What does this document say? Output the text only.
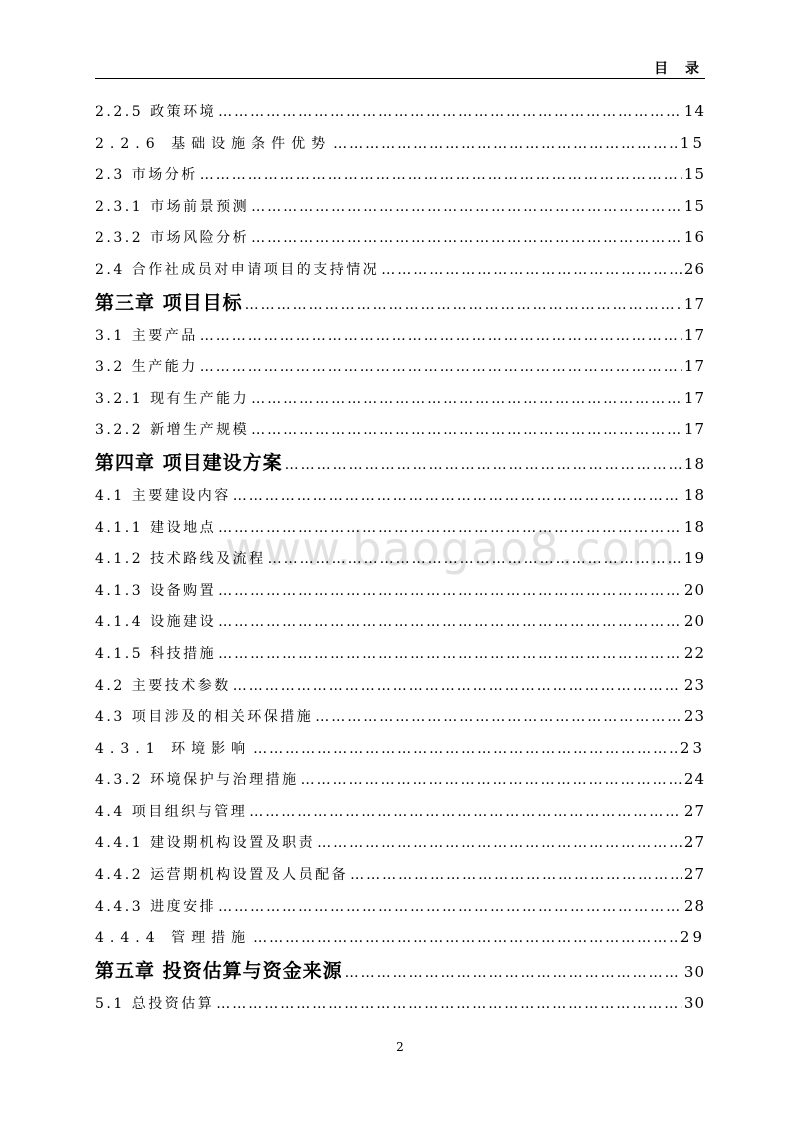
目 录
www.baogao8.com
2.2.5 政策环境 …………………………………………………………………………………………………………………………………………………………………	14
2.2.6 基础设施条件优势 …………………………………………………………………………………………………………………………………………………………………	15
2.3 市场分析 …………………………………………………………………………………………………………………………………………………………………	15
2.3.1 市场前景预测 …………………………………………………………………………………………………………………………………………………………………	15
2.3.2 市场风险分析 …………………………………………………………………………………………………………………………………………………………………	16
2.4 合作社成员对申请项目的支持情况 …………………………………………………………………………………………………………………………………………………………………	26
第三章 项目目标 …………………………………………………………………………………………………………………………………………………………………	17
3.1 主要产品 …………………………………………………………………………………………………………………………………………………………………	17
3.2 生产能力 …………………………………………………………………………………………………………………………………………………………………	17
3.2.1 现有生产能力 …………………………………………………………………………………………………………………………………………………………………	17
3.2.2 新增生产规模 …………………………………………………………………………………………………………………………………………………………………	17
第四章 项目建设方案 …………………………………………………………………………………………………………………………………………………………………	18
4.1 主要建设内容 …………………………………………………………………………………………………………………………………………………………………	18
4.1.1 建设地点 …………………………………………………………………………………………………………………………………………………………………	18
4.1.2 技术路线及流程 …………………………………………………………………………………………………………………………………………………………………	19
4.1.3 设备购置 …………………………………………………………………………………………………………………………………………………………………	20
4.1.4 设施建设 …………………………………………………………………………………………………………………………………………………………………	20
4.1.5 科技措施 …………………………………………………………………………………………………………………………………………………………………	22
4.2 主要技术参数 …………………………………………………………………………………………………………………………………………………………………	23
4.3 项目涉及的相关环保措施 …………………………………………………………………………………………………………………………………………………………………	23
4.3.1 环境影响 …………………………………………………………………………………………………………………………………………………………………	23
4.3.2 环境保护与治理措施 …………………………………………………………………………………………………………………………………………………………………	24
4.4 项目组织与管理 …………………………………………………………………………………………………………………………………………………………………	27
4.4.1 建设期机构设置及职责 …………………………………………………………………………………………………………………………………………………………………	27
4.4.2 运营期机构设置及人员配备 …………………………………………………………………………………………………………………………………………………………………	27
4.4.3 进度安排 …………………………………………………………………………………………………………………………………………………………………	28
4.4.4 管理措施 …………………………………………………………………………………………………………………………………………………………………	29
第五章 投资估算与资金来源 …………………………………………………………………………………………………………………………………………………………………	30
5.1 总投资估算 …………………………………………………………………………………………………………………………………………………………………	30
2
